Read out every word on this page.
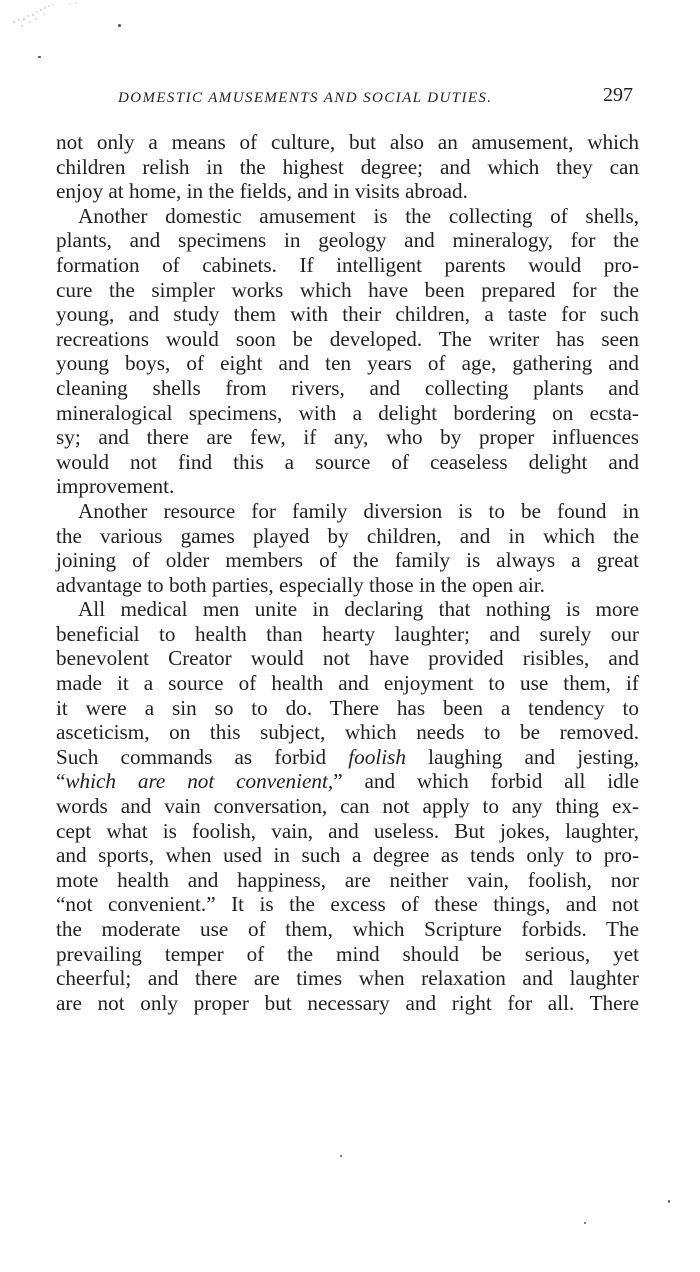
DOMESTIC AMUSEMENTS AND SOCIAL DUTIES.	297
not only a means of culture, but also an amusement, which
children relish in the highest degree; and which they can
enjoy at home, in the fields, and in visits abroad.
Another domestic amusement is the collecting of shells,
plants, and specimens in geology and mineralogy, for the
formation of cabinets. If intelligent parents would pro-
cure the simpler works which have been prepared for the
young, and study them with their children, a taste for such
recreations would soon be developed. The writer has seen
young boys, of eight and ten years of age, gathering and
cleaning shells from rivers, and collecting plants and
mineralogical specimens, with a delight bordering on ecsta-
sy; and there are few, if any, who by proper influences
would not find this a source of ceaseless delight and
improvement.
Another resource for family diversion is to be found in
the various games played by children, and in which the
joining of older members of the family is always a great
advantage to both parties, especially those in the open air.
All medical men unite in declaring that nothing is more
beneficial to health than hearty laughter; and surely our
benevolent Creator would not have provided risibles, and
made it a source of health and enjoyment to use them, if
it were a sin so to do. There has been a tendency to
asceticism, on this subject, which needs to be removed.
Such commands as forbid foolish laughing and jesting,
“which are not convenient,” and which forbid all idle
words and vain conversation, can not apply to any thing ex-
cept what is foolish, vain, and useless. But jokes, laughter,
and sports, when used in such a degree as tends only to pro-
mote health and happiness, are neither vain, foolish, nor
“not convenient.” It is the excess of these things, and not
the moderate use of them, which Scripture forbids. The
prevailing temper of the mind should be serious, yet
cheerful; and there are times when relaxation and laughter
are not only proper but necessary and right for all. There
